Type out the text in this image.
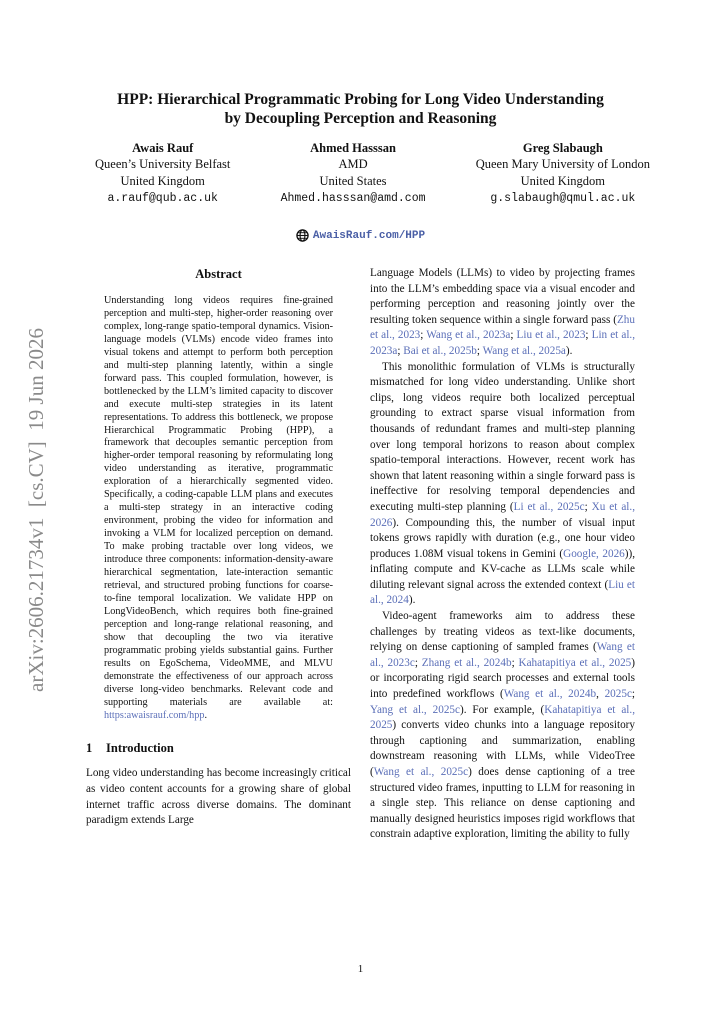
arXiv:2606.21734v1  [cs.CV]  19 Jun 2026
HPP: Hierarchical Programmatic Probing for Long Video Understanding
by Decoupling Perception and Reasoning
Awais Rauf
Queen’s University Belfast
United Kingdom
a.rauf@qub.ac.uk
Ahmed Hasssan
AMD
United States
Ahmed.hasssan@amd.com
Greg Slabaugh
Queen Mary University of London
United Kingdom
g.slabaugh@qmul.ac.uk
AwaisRauf.com/HPP
Abstract

Understanding long videos requires fine-grained perception and multi-step, higher-order reasoning over complex, long-range spatio-temporal dynamics. Vision-language models (VLMs) encode video frames into visual tokens and attempt to perform both perception and multi-step planning latently, within a single forward pass. This coupled formulation, however, is bottlenecked by the LLM’s limited capacity to discover and execute multi-step strategies in its latent representations. To address this bottleneck, we propose Hierarchical Programmatic Probing (HPP), a framework that decouples semantic perception from higher-order temporal reasoning by reformulating long video understanding as iterative, programmatic exploration of a hierarchically segmented video. Specifically, a coding-capable LLM plans and executes a multi-step strategy in an interactive coding environment, probing the video for information and invoking a VLM for localized perception on demand. To make probing tractable over long videos, we introduce three components: information-density-aware hierarchical segmentation, late-interaction semantic retrieval, and structured probing functions for coarse-to-fine temporal localization. We validate HPP on LongVideoBench, which requires both fine-grained perception and long-range relational reasoning, and show that decoupling the two via iterative programmatic probing yields substantial gains. Further results on EgoSchema, VideoMME, and MLVU demonstrate the effectiveness of our approach across diverse long-video benchmarks. Relevant code and supporting materials are available at: https:awaisrauf.com/hpp.

1 Introduction

Long video understanding has become increasingly critical as video content accounts for a growing share of global internet traffic across diverse domains. The dominant paradigm extends Large

Language Models (LLMs) to video by projecting frames into the LLM’s embedding space via a visual encoder and performing perception and reasoning jointly over the resulting token sequence within a single forward pass (Zhu et al., 2023; Wang et al., 2023a; Liu et al., 2023; Lin et al., 2023a; Bai et al., 2025b; Wang et al., 2025a).

This monolithic formulation of VLMs is structurally mismatched for long video understanding. Unlike short clips, long videos require both localized perceptual grounding to extract sparse visual information from thousands of redundant frames and multi-step planning over long temporal horizons to reason about complex spatio-temporal interactions. However, recent work has shown that latent reasoning within a single forward pass is ineffective for resolving temporal dependencies and executing multi-step planning (Li et al., 2025c; Xu et al., 2026). Compounding this, the number of visual input tokens grows rapidly with duration (e.g., one hour video produces 1.08M visual tokens in Gemini (Google, 2026)), inflating compute and KV-cache as LLMs scale while diluting relevant signal across the extended context (Liu et al., 2024).

Video-agent frameworks aim to address these challenges by treating videos as text-like documents, relying on dense captioning of sampled frames (Wang et al., 2023c; Zhang et al., 2024b; Kahatapitiya et al., 2025) or incorporating rigid search processes and external tools into predefined workflows (Wang et al., 2024b, 2025c; Yang et al., 2025c). For example, (Kahatapitiya et al., 2025) converts video chunks into a language repository through captioning and summarization, enabling downstream reasoning with LLMs, while VideoTree (Wang et al., 2025c) does dense captioning of a tree structured video frames, inputting to LLM for reasoning in a single step. This reliance on dense captioning and manually designed heuristics imposes rigid workflows that constrain adaptive exploration, limiting the ability to fully

1
